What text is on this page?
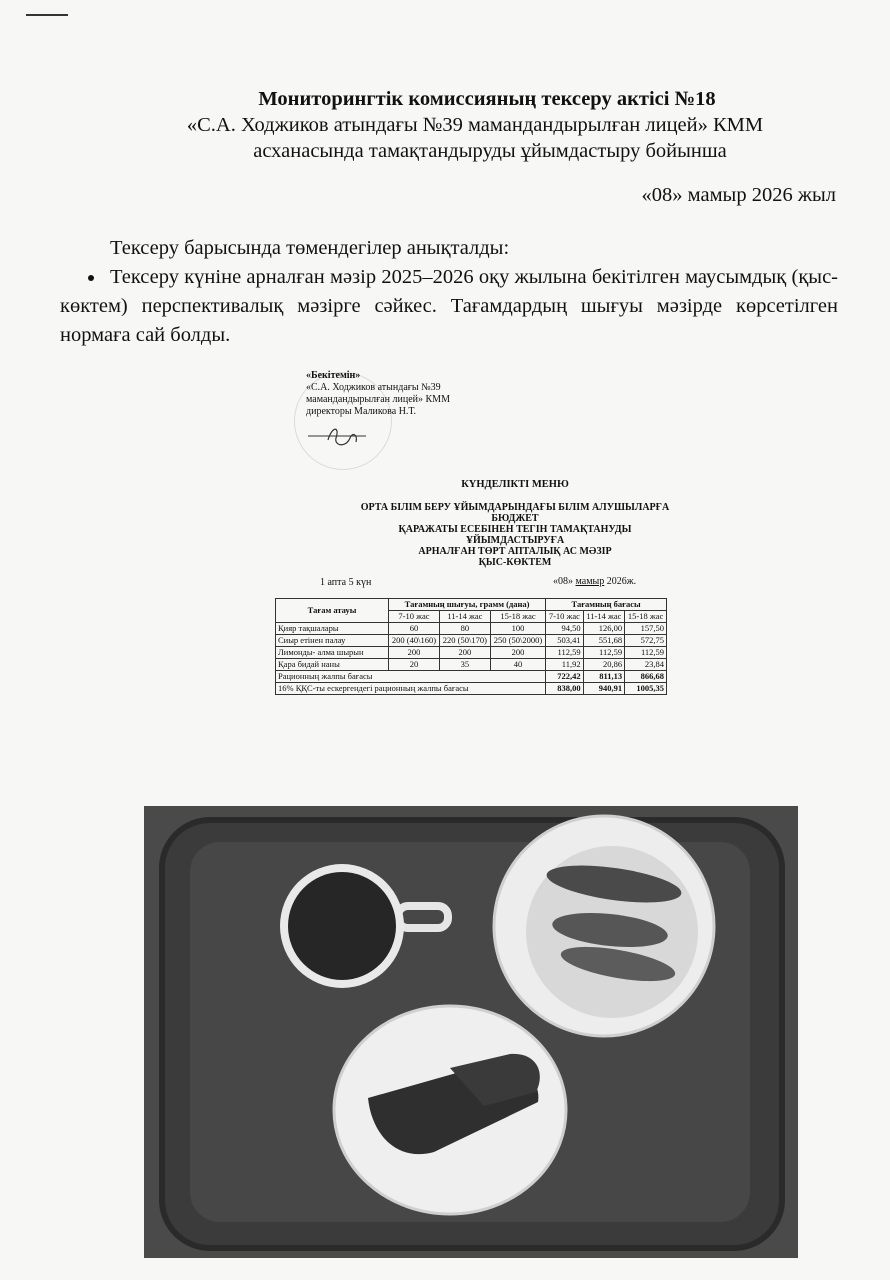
Мониторингтік комиссияның тексеру актісі №18
«С.А. Ходжиков атындағы №39 мамандандырылған лицей» КММ
асханасында тамақтандыруды ұйымдастыру бойынша
«08» мамыр 2026 жыл
Тексеру барысында төмендегілер анықталды:
Тексеру күніне арналған мәзір 2025–2026 оқу жылына бекітілген маусымдық (қыс-көктем) перспективалық мәзірге сәйкес. Тағамдардың шығуы мәзірде көрсетілген нормаға сай болды.
«Бекітемін»
«С.А. Ходжиков атындағы №39
мамандандырылған лицей» КММ
директоры Маликова Н.Т.
КҮНДЕЛІКТІ МЕНЮ
ОРТА БІЛІМ БЕРУ ҰЙЫМДАРЫНДАҒЫ БІЛІМ АЛУШЫЛАРҒА БЮДЖЕТ
ҚАРАЖАТЫ ЕСЕБІНЕН ТЕГІН ТАМАҚТАНУДЫ ҰЙЫМДАСТЫРУҒА
АРНАЛҒАН ТӨРТ АПТАЛЫҚ АС МӘЗІР
ҚЫС-КӨКТЕМ
1 апта 5 күн	«08» мамыр 2026ж.
Тағам атауы	Тағамның шығуы, грамм (дана)			Тағамның бағасы		
	7-10 жас	11-14 жас	15-18 жас	7-10 жас	11-14 жас	15-18 жас
Қияр тақшалары	60	80	100	94,50	126,00	157,50
Сиыр етінен палау	200 (40\160)	220 (50\170)	250 (50\2000)	503,41	551,68	572,75
Лимонды- алма шырын	200	200	200	112,59	112,59	112,59
Қара бидай наны	20	35	40	11,92	20,86	23,84
Рационның жалпы бағасы				722,42	811,13	866,68
16% ҚҚС-ты ескергендегі рационның жалпы бағасы				838,00	940,91	1005,35
